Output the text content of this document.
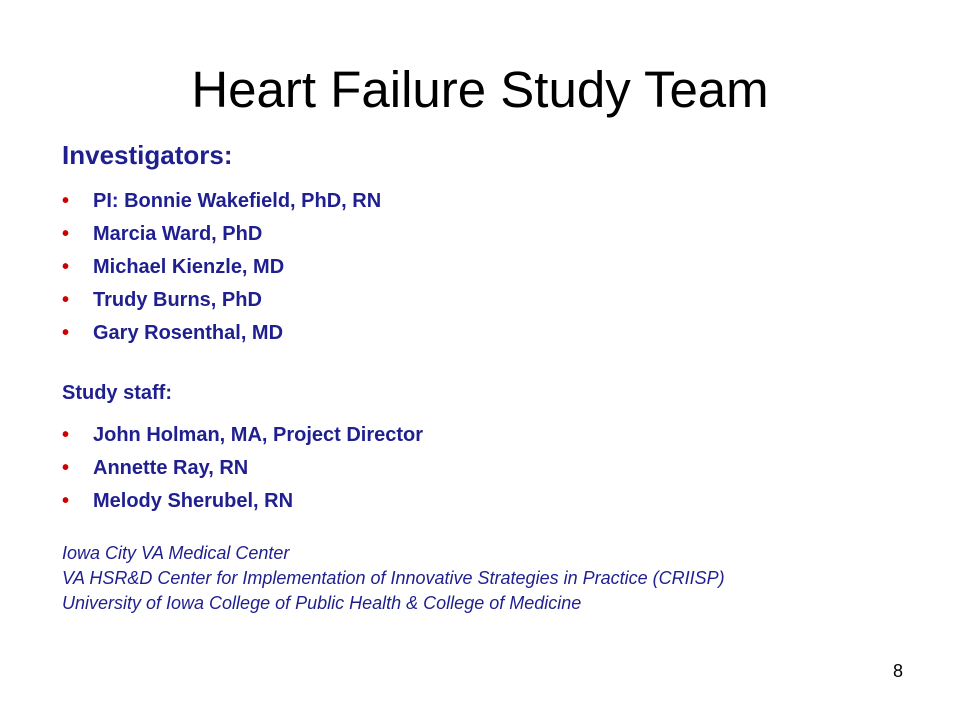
Heart Failure Study Team
Investigators:
• PI: Bonnie Wakefield, PhD, RN
• Marcia Ward, PhD
• Michael Kienzle, MD
• Trudy Burns, PhD
• Gary Rosenthal, MD
Study staff:
• John Holman, MA, Project Director
• Annette Ray, RN
• Melody Sherubel, RN

Iowa City VA Medical Center

VA HSR&D Center for Implementation of Innovative Strategies in Practice (CRIISP)

University of Iowa College of Public Health & College of Medicine

8
